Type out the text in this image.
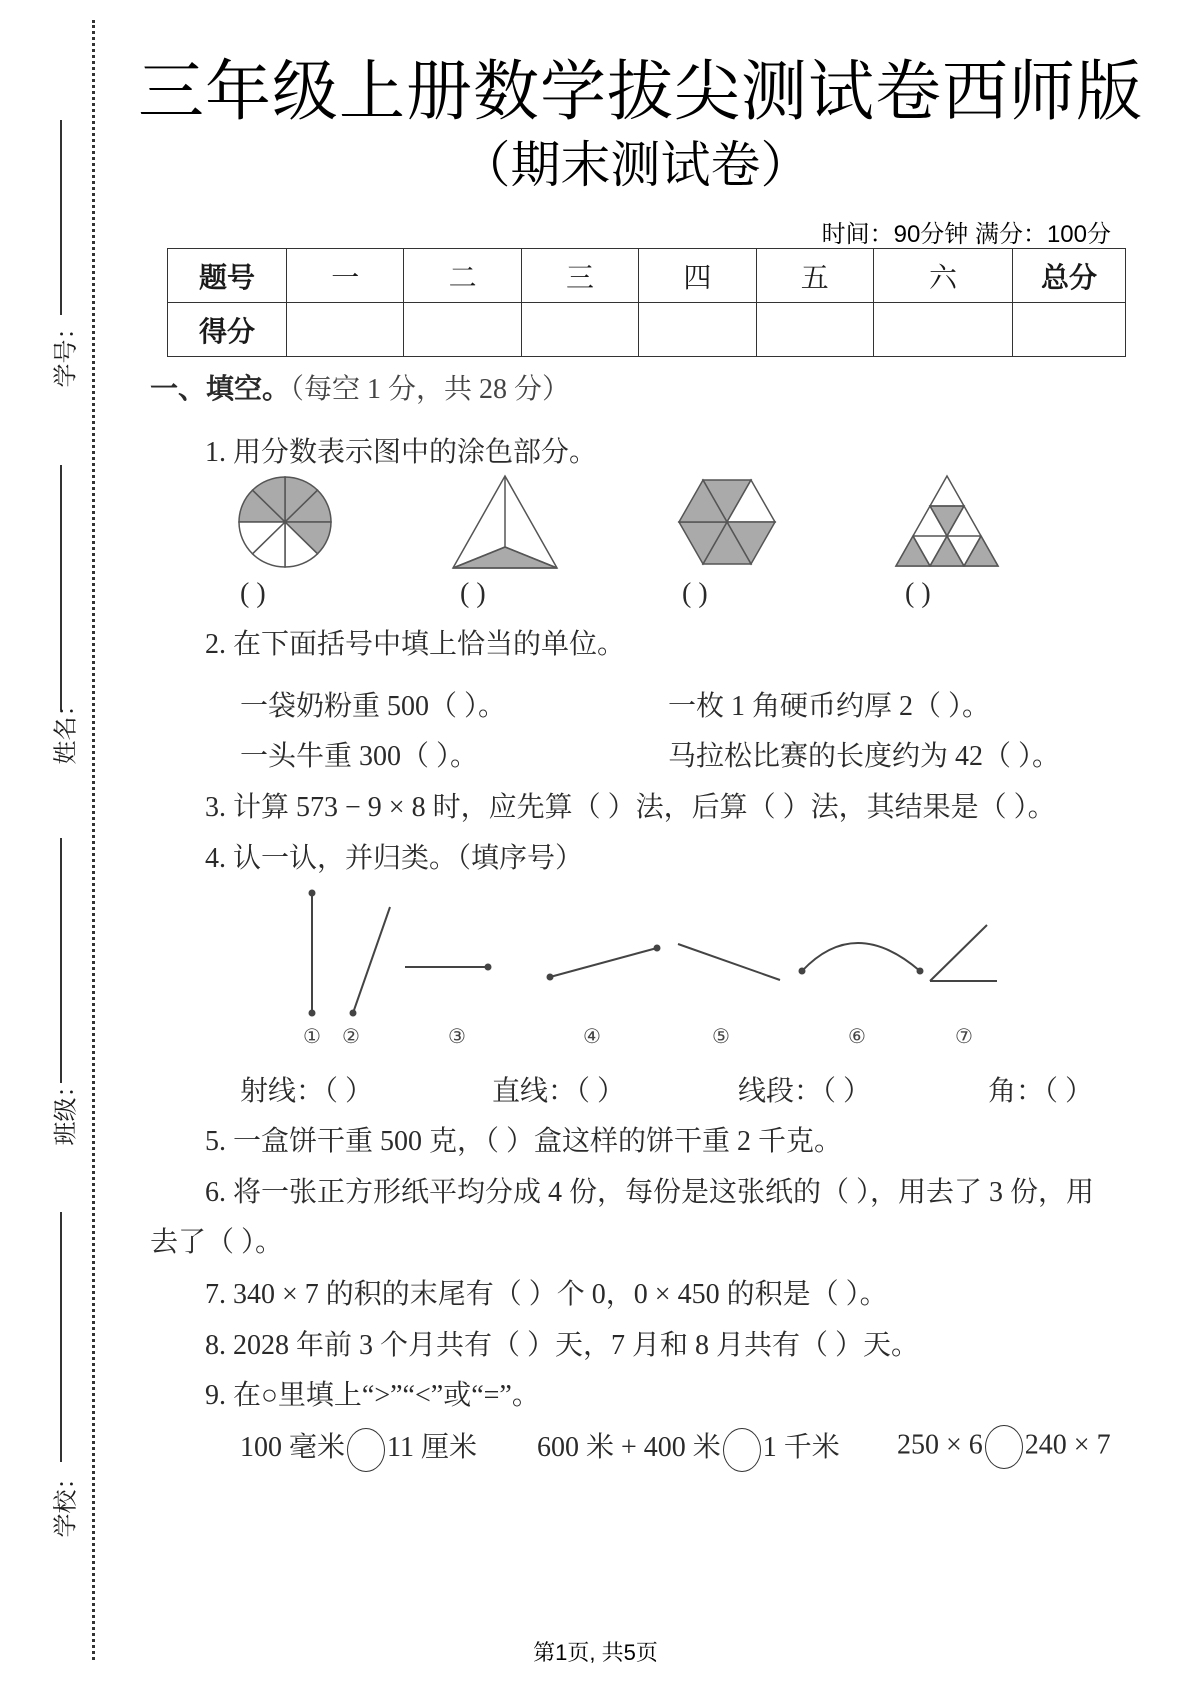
学号：
姓名：
班级：
学校：
三年级上册数学拔尖测试卷西师版
（期末测试卷）
时间：90分钟 满分：100分
题号	一	二	三	四	五	六	总分
得分							
一、填空。（每空 1 分，共 28 分）
1. 用分数表示图中的涂色部分。
( )	( )	( )	( )
2. 在下面括号中填上恰当的单位。
一袋奶粉重 500（ ）。	一枚 1 角硬币约厚 2（ ）。
一头牛重 300（ ）。	马拉松比赛的长度约为 42（ ）。
3. 计算 573 − 9 × 8 时，应先算（ ）法，后算（ ）法，其结果是（ ）。
4. 认一认，并归类。（填序号）
① ②	③	④	⑤	⑥	⑦
射线：（ ）	直线：（ ）	线段：（ ）	角：（ ）
5. 一盒饼干重 500 克，（ ）盒这样的饼干重 2 千克。
6. 将一张正方形纸平均分成 4 份，每份是这张纸的（ ），用去了 3 份，用
去了（ ）。
7. 340 × 7 的积的末尾有（ ）个 0，0 × 450 的积是（ ）。
8. 2028 年前 3 个月共有（ ）天，7 月和 8 月共有（ ）天。
9. 在○里填上“>”“<”或“=”。
100 毫米 11 厘米 600 米 + 400 米 1 千米 250 × 6 240 × 7
第1页, 共5页
